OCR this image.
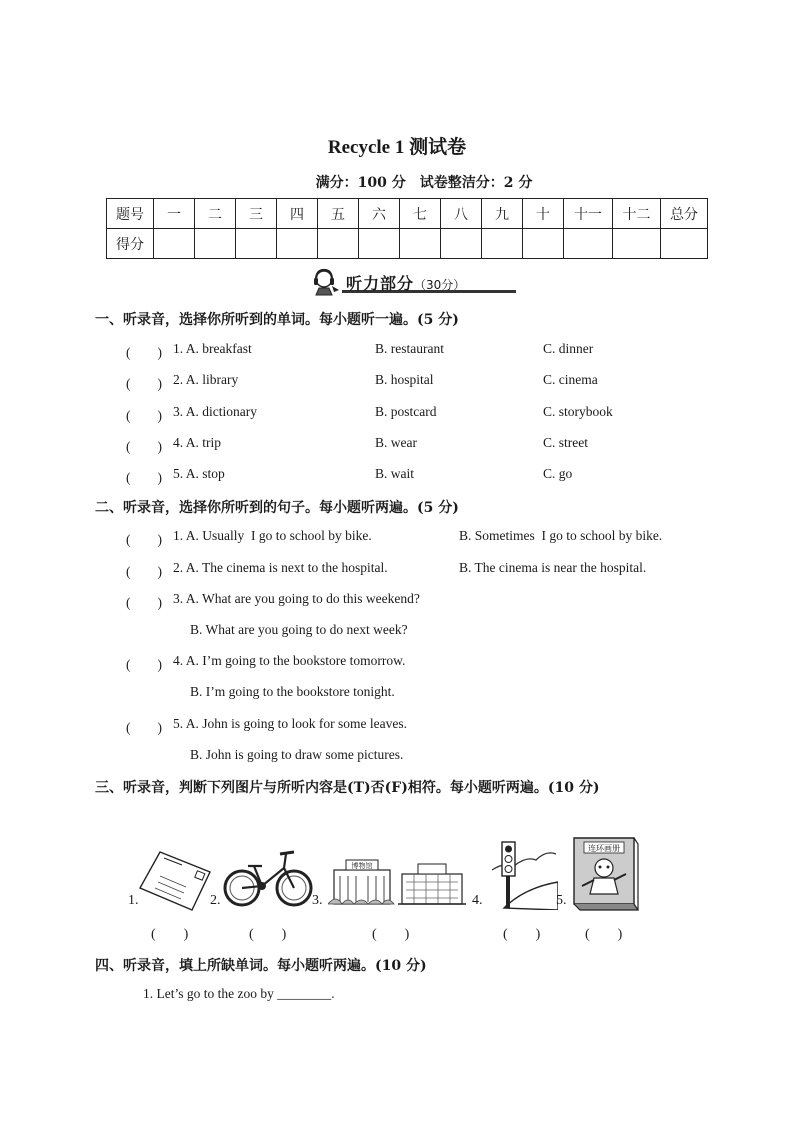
Recycle 1 测试卷
满分：100 分　试卷整洁分：2 分
题号	一	二	三	四	五	六	七	八	九	十	十一	十二	总分
得分													
听力部分（30分）
一、听录音，选择你所听到的单词。每小题听一遍。(5 分)
(　　) 1. A. breakfast	B. restaurant	C. dinner
(　　) 2. A. library	B. hospital	C. cinema
(　　) 3. A. dictionary	B. postcard	C. storybook
(　　) 4. A. trip	B. wear	C. street
(　　) 5. A. stop	B. wait	C. go
二、听录音，选择你所听到的句子。每小题听两遍。(5 分)
(　　) 1. A. Usually  I go to school by bike.	B. Sometimes  I go to school by bike.
(　　) 2. A. The cinema is next to the hospital.	B. The cinema is near the hospital.
(　　) 3. A. What are you going to do this weekend?
B. What are you going to do next week?
(　　) 4. A. I’m going to the bookstore tomorrow.
B. I’m going to the bookstore tonight.
(　　) 5. A. John is going to look for some leaves.
B. John is going to draw some pictures.
三、听录音，判断下列图片与所听内容是(T)否(F)相符。每小题听两遍。(10 分)
1.	2.	3.
博物馆
4.	5.
连环画册
(　　)	(　　)	(　　)	(　　)	(　　)
四、听录音，填上所缺单词。每小题听两遍。(10 分)
1. Let’s go to the zoo by ________.
